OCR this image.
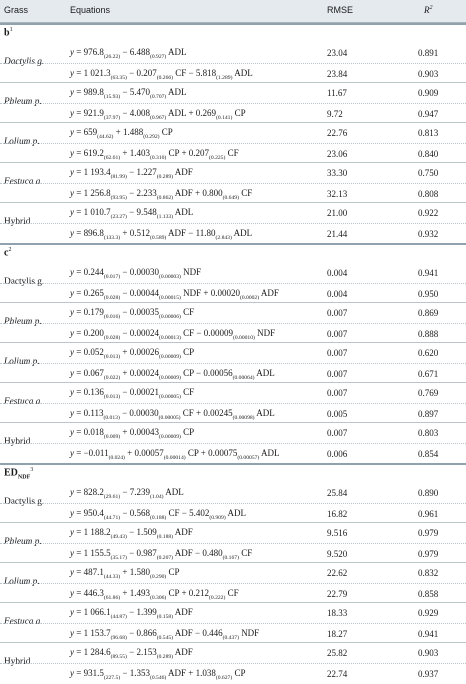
Grass	Equations	RMSE	$R^2$
$b^1$
Dactylis g.
$y = 976.8_{(26.22)} - 6.488_{(0.927)}$ ADL	23.04	0.891
y = 1 $021.3_{(63.35)} - 0.207_{(0.266)}$ CF − $5.818_{(1.289)}$ ADL	23.84	0.903
Phleum p.
$y = 989.8_{(15.93)} - 5.470_{(0.707)}$ ADL	11.67	0.909
$y = 921.9_{(37.97)} - 4.008_{(0.967)}$ ADL + $0.269_{(0.141)}$ CP	9.72	0.947
Lolium p.
$y = 659_{(44.62)} + 1.488_{(0.292)}$ CP	22.76	0.813
$y = 619.2_{(62.61)} + 1.403_{(0.310)}$ CP + $0.207_{(0.225)}$ CF	23.06	0.840
Festuca a.
y = 1 $193.4_{(81.99)} - 1.227_{(0.289)}$ ADF	33.30	0.750
y = 1 $256.8_{(93.95)} - 2.233_{(0.862)}$ ADF + $0.800_{(0.649)}$ CF	32.13	0.808
Hybrid
y = 1 $010.7_{(23.27)} - 9.548_{(1.133)}$ ADL	21.00	0.922
$y = 896.8_{(133.3)} + 0.512_{(0.589)}$ ADF − $11.80_{(2.843)}$ ADL	21.44	0.932
$c^2$
Dactylis g.
$y = 0.244_{(0.017)} - 0.00030_{(0.00003)}$ NDF	0.004	0.941
$y = 0.265_{(0.028)} - 0.00044_{(0.00015)}$ NDF + $0.00020_{(0.0002)}$ ADF	0.004	0.950
Phleum p.
$y = 0.179_{(0.016)} - 0.00035_{(0.00006)}$ CF	0.007	0.869
$y = 0.200_{(0.028)} - 0.00024_{(0.00013)}$ CF − $0.00009_{(0.00010)}$ NDF	0.007	0.888
Lolium p.
$y = 0.052_{(0.013)} + 0.00026_{(0.00009)}$ CP	0.007	0.620
$y = 0.067_{(0.022)} + 0.00024_{(0.00009)}$ CP − $0.00056_{(0.00064)}$ ADL	0.007	0.671
Festuca a.
$y = 0.136_{(0.013)} - 0.00021_{(0.00005)}$ CF	0.007	0.769
$y = 0.113_{(0.013)} - 0.00030_{(0.00005)}$ CF + $0.00245_{(0.00098)}$ ADL	0.005	0.897
Hybrid
$y = 0.018_{(0.009)} + 0.00043_{(0.00009)}$ CP	0.007	0.803
$y = -0.011_{(0.024)} + 0.00057_{(0.00014)}$ CP + $0.00075_{(0.00057)}$ ADL	0.006	0.854
$ED_{NDF}^3$
Dactylis g.
$y = 828.2_{(29.61)} - 7.239_{(1.04)}$ ADL	25.84	0.890
$y = 950.4_{(44.71)} - 0.568_{(0.188)}$ CF − $5.402_{(0.909)}$ ADL	16.82	0.961
Phleum p.
y = 1 $188.2_{(49.43)} - 1.509_{(0.188)}$ ADF	9.516	0.979
y = 1 $155.5_{(35.17)} - 0.987_{(0.207)}$ ADF − $0.480_{(0.167)}$ CF	9.520	0.979
Lolium p.
$y = 487.1_{(44.33)} + 1.580_{(0.290)}$ CP	22.62	0.832
$y = 446.3_{(61.86)} + 1.493_{(0.306)}$ CP + $0.212_{(0.222)}$ CF	22.79	0.858
Festuca a.
y = 1 $066.1_{(44.87)} - 1.399_{(0.158)}$ ADF	18.33	0.929
y = 1 $153.7_{(96.68)} - 0.866_{(0.545)}$ ADF − $0.446_{(0.437)}$ NDF	18.27	0.941
Hybrid
y = 1 $284.6_{(89.55)} - 2.153_{(0.289)}$ ADF	25.82	0.903
$y = 931.5_{(227.5)} - 1.353_{(0.546)}$ ADF + $1.038_{(0.627)}$ CP	22.74	0.937
